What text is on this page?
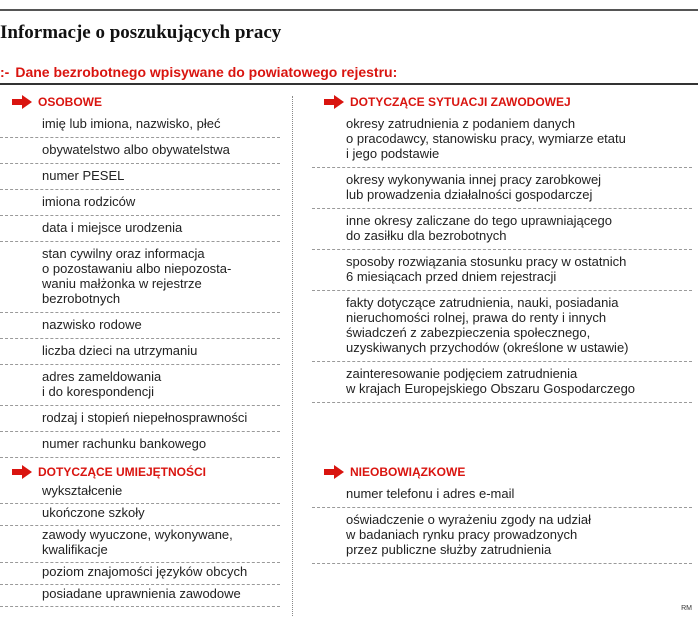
Informacje o poszukujących pracy
:- Dane bezrobotnego wpisywane do powiatowego rejestru:
OSOBOWE
imię lub imiona, nazwisko, płeć
obywatelstwo albo obywatelstwa
numer PESEL
imiona rodziców
data i miejsce urodzenia
stan cywilny oraz informacja
o pozostawaniu albo niepozosta-
waniu małżonka w rejestrze
bezrobotnych
nazwisko rodowe
liczba dzieci na utrzymaniu
adres zameldowania
i do korespondencji
rodzaj i stopień niepełnosprawności
numer rachunku bankowego
DOTYCZĄCE UMIEJĘTNOŚCI
wykształcenie
ukończone szkoły
zawody wyuczone, wykonywane,
kwalifikacje
poziom znajomości języków obcych
posiadane uprawnienia zawodowe
DOTYCZĄCE SYTUACJI ZAWODOWEJ
okresy zatrudnienia z podaniem danych
o pracodawcy, stanowisku pracy, wymiarze etatu
i jego podstawie
okresy wykonywania innej pracy zarobkowej
lub prowadzenia działalności gospodarczej
inne okresy zaliczane do tego uprawniającego
do zasiłku dla bezrobotnych
sposoby rozwiązania stosunku pracy w ostatnich
6 miesiącach przed dniem rejestracji
fakty dotyczące zatrudnienia, nauki, posiadania
nieruchomości rolnej, prawa do renty i innych
świadczeń z zabezpieczenia społecznego,
uzyskiwanych przychodów (określone w ustawie)
zainteresowanie podjęciem zatrudnienia
w krajach Europejskiego Obszaru Gospodarczego
NIEOBOWIĄZKOWE
numer telefonu i adres e-mail
oświadczenie o wyrażeniu zgody na udział
w badaniach rynku pracy prowadzonych
przez publiczne służby zatrudnienia
RM
